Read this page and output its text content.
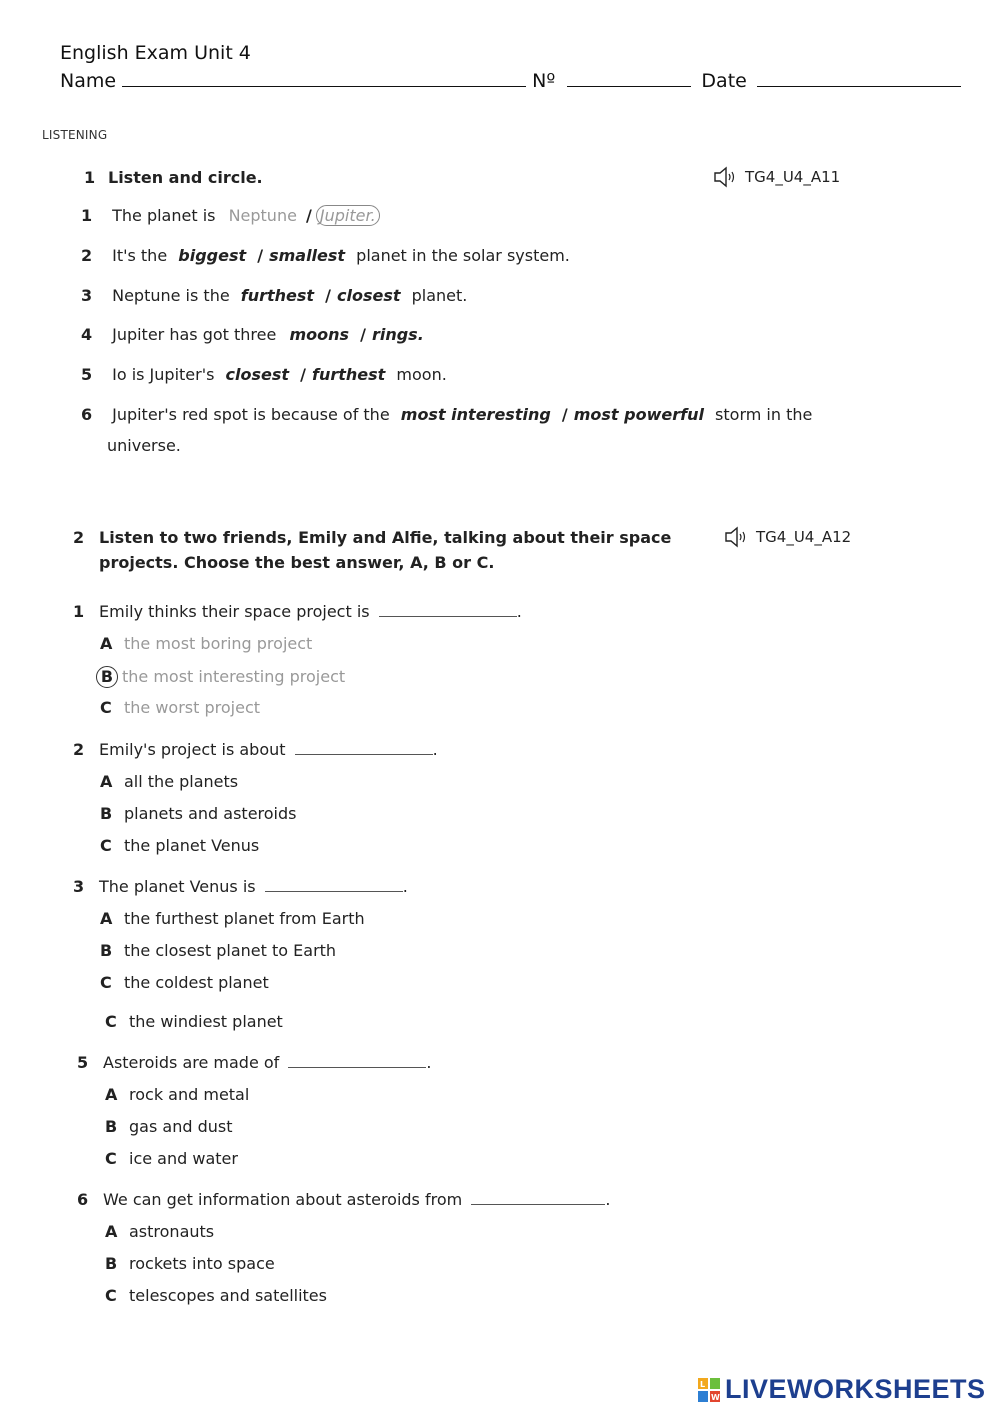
English Exam Unit 4
Name	Nº	Date
LISTENING
1 Listen and circle.	TG4_U4_A11
1 The planet is Neptune / Jupiter.
2 It's the biggest / smallest planet in the solar system.
3 Neptune is the furthest / closest planet.
4 Jupiter has got three moons / rings.
5 Io is Jupiter's closest / furthest moon.
6 Jupiter's red spot is because of the most interesting / most powerful storm in the
universe.
2 Listen to two friends, Emily and Alfie, talking about their space
projects. Choose the best answer, A, B or C.
TG4_U4_A12
1 Emily thinks their space project is	.
A the most boring project
B the most interesting project
C the worst project
2 Emily's project is about	.
A all the planets
B planets and asteroids
C the planet Venus
3 The planet Venus is	.
A the furthest planet from Earth
B the closest planet to Earth
C the coldest planet
C the windiest planet
5 Asteroids are made of	.
A rock and metal
B gas and dust
C ice and water
6 We can get information about asteroids from	.
A astronauts
B rockets into space
C telescopes and satellites
L
W LIVEWORKSHEETS
